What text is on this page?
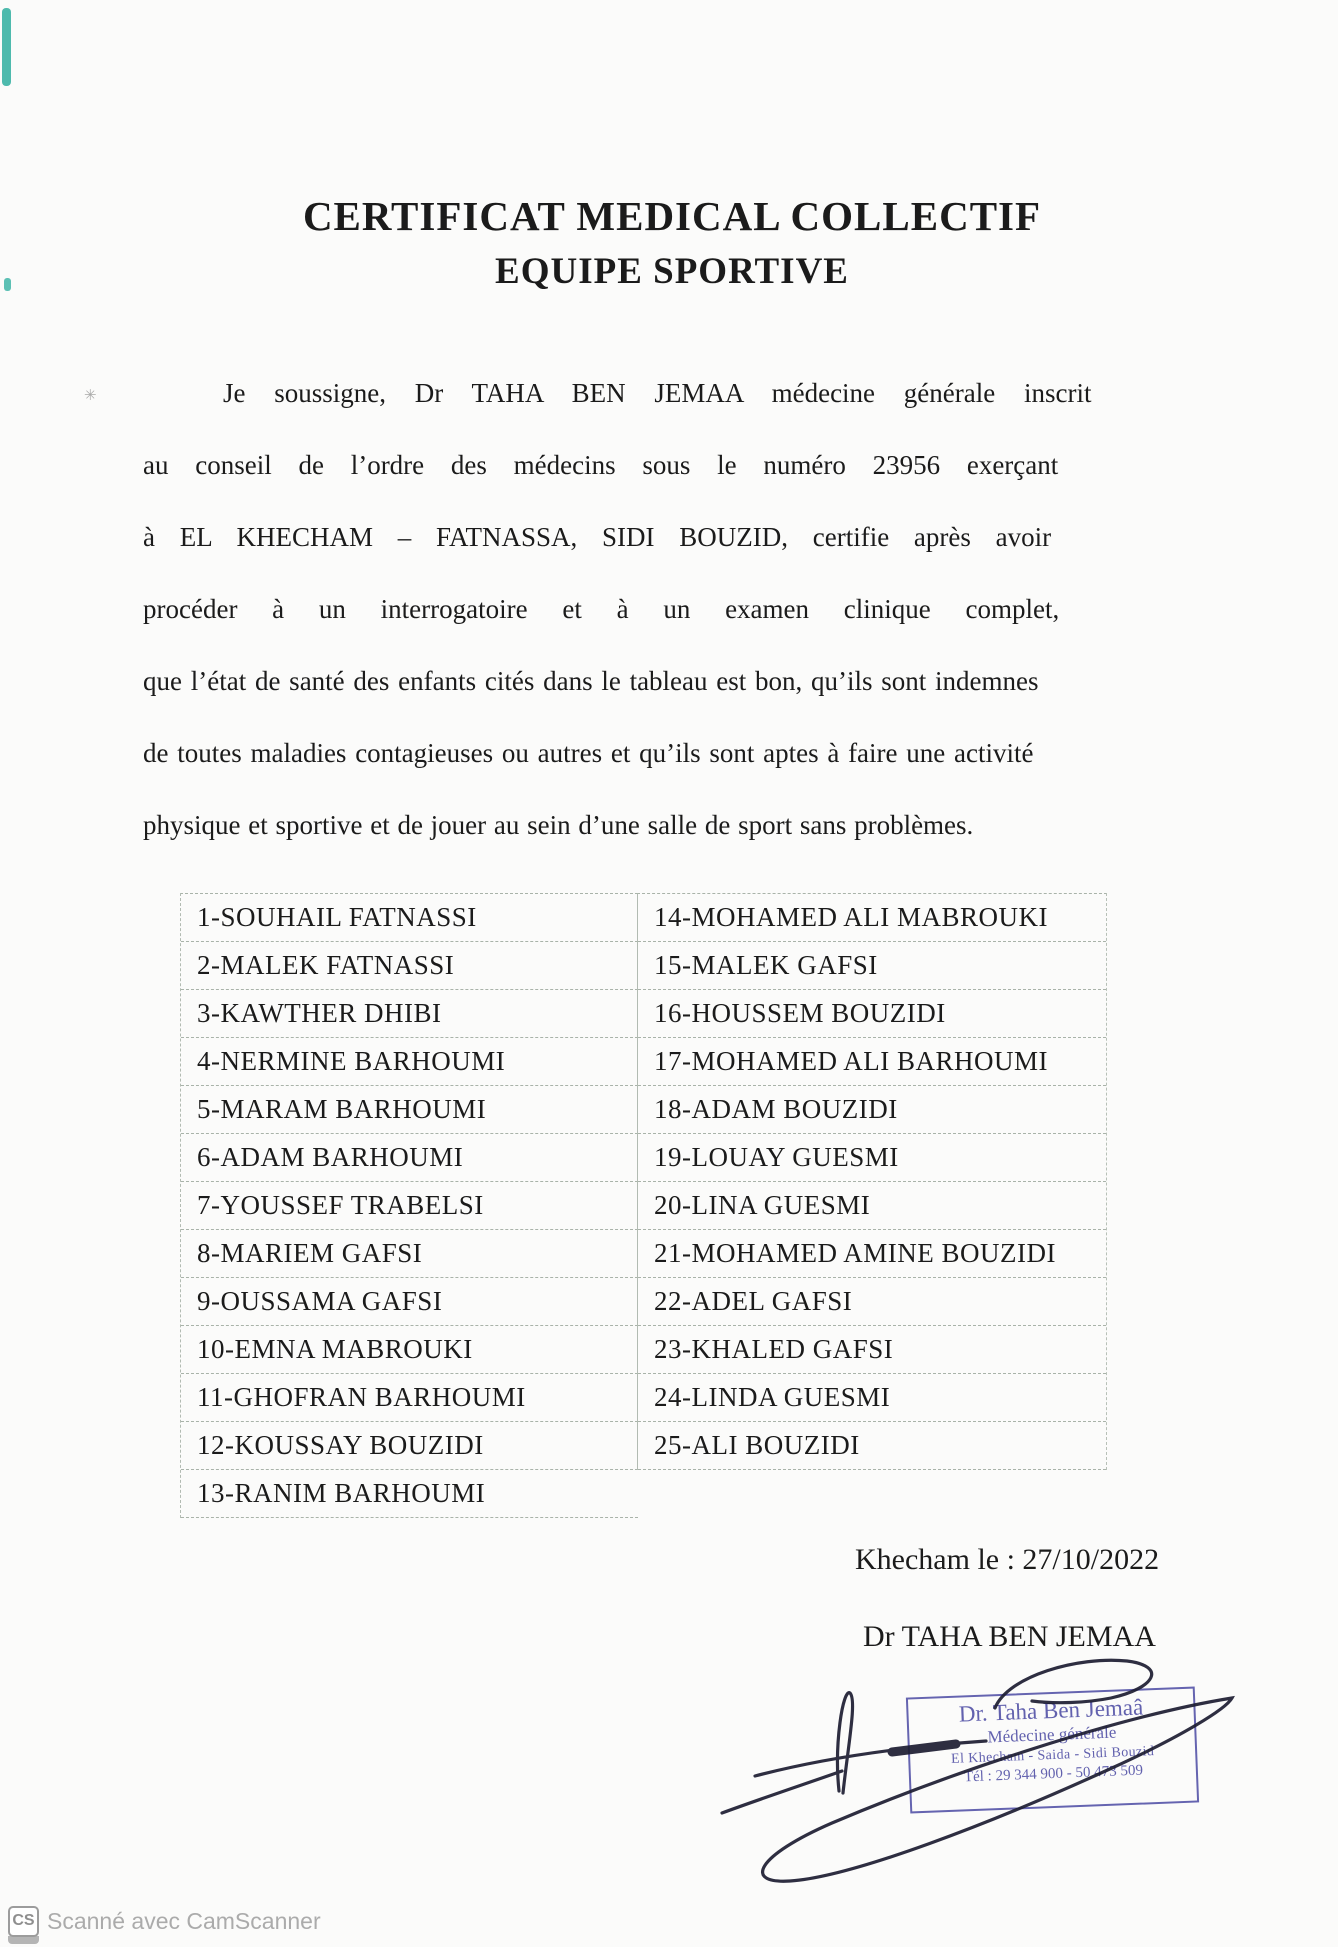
✳
CERTIFICAT MEDICAL COLLECTIF
EQUIPE SPORTIVE
Je soussigne, Dr TAHA BEN JEMAA médecine générale inscrit
au conseil de l’ordre des médecins sous le numéro 23956 exerçant
à EL KHECHAM – FATNASSA, SIDI BOUZID, certifie après avoir
procéder à un interrogatoire et à un examen clinique complet,
que l’état de santé des enfants cités dans le tableau est bon, qu’ils sont indemnes
de toutes maladies contagieuses ou autres et qu’ils sont aptes à faire une activité
physique et sportive et de jouer au sein d’une salle de sport sans problèmes.
1-SOUHAIL FATNASSI
2-MALEK FATNASSI
3-KAWTHER DHIBI
4-NERMINE BARHOUMI
5-MARAM BARHOUMI
6-ADAM BARHOUMI
7-YOUSSEF TRABELSI
8-MARIEM GAFSI
9-OUSSAMA GAFSI
10-EMNA MABROUKI
11-GHOFRAN BARHOUMI
12-KOUSSAY BOUZIDI
13-RANIM BARHOUMI
14-MOHAMED ALI MABROUKI
15-MALEK GAFSI
16-HOUSSEM BOUZIDI
17-MOHAMED ALI BARHOUMI
18-ADAM BOUZIDI
19-LOUAY GUESMI
20-LINA GUESMI
21-MOHAMED AMINE BOUZIDI
22-ADEL GAFSI
23-KHALED GAFSI
24-LINDA GUESMI
25-ALI BOUZIDI
Khecham le : 27/10/2022
Dr TAHA BEN JEMAA
Dr. Taha Ben Jemaâ
Médecine générale
El Khecham - Saida - Sidi Bouzid
Tél : 29 344 900 - 50 473 509
CS Scanné avec CamScanner
